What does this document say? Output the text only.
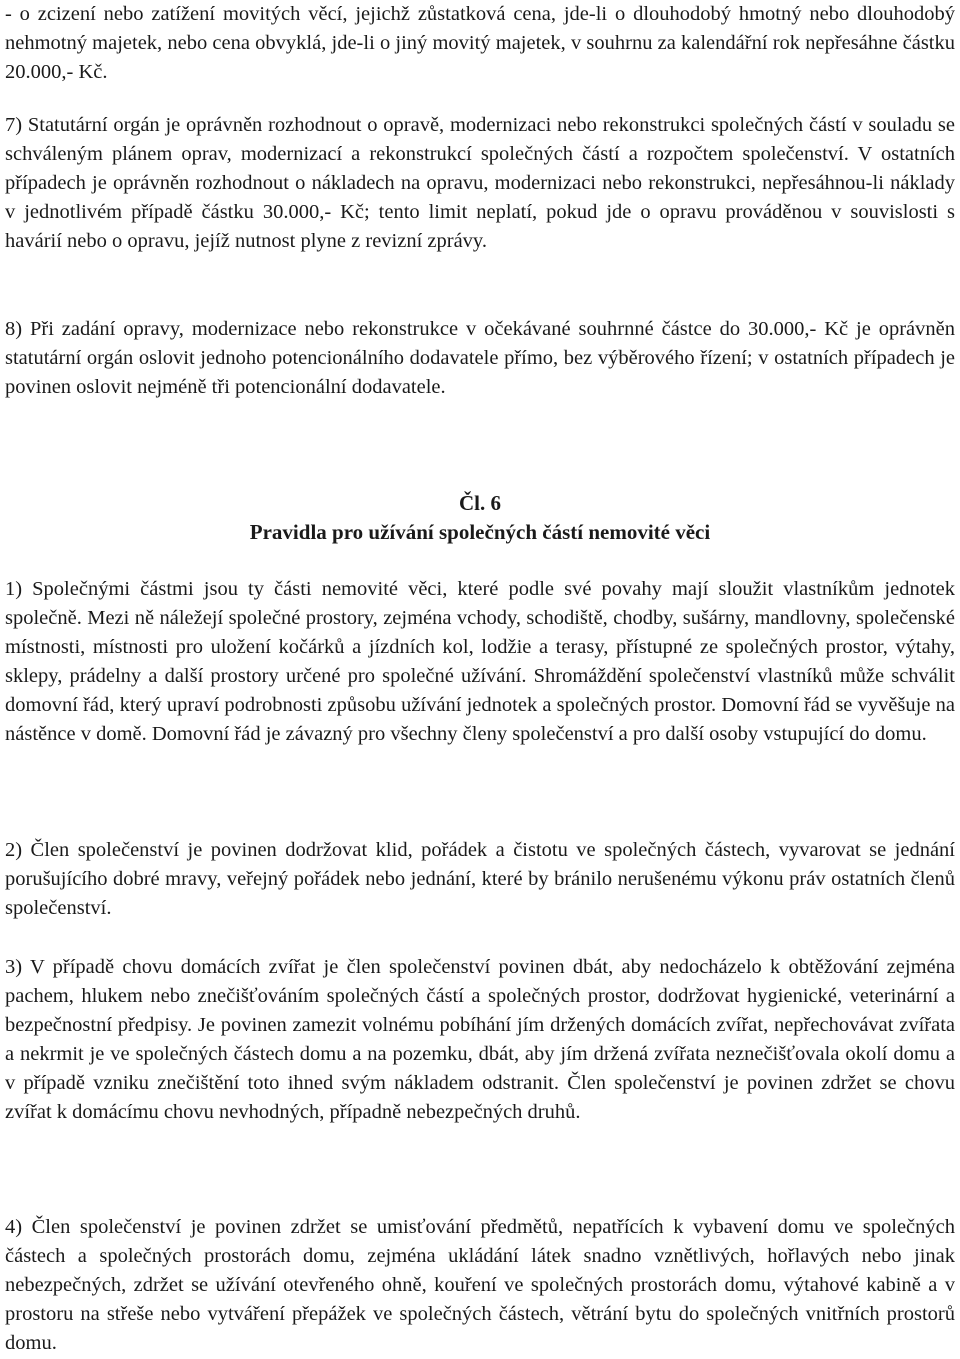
- o zcizení nebo zatížení movitých věcí, jejichž zůstatková cena, jde-li o dlouhodobý hmotný nebo dlouhodobý nehmotný majetek, nebo cena obvyklá, jde-li o jiný movitý majetek, v souhrnu za kalendářní rok nepřesáhne částku 20.000,- Kč.

7) Statutární orgán je oprávněn rozhodnout o opravě, modernizaci nebo rekonstrukci společných částí v souladu se schváleným plánem oprav, modernizací a rekonstrukcí společných částí a rozpočtem společenství. V ostatních případech je oprávněn rozhodnout o nákladech na opravu, modernizaci nebo rekonstrukci, nepřesáhnou-li náklady v jednotlivém případě částku 30.000,- Kč; tento limit neplatí, pokud jde o opravu prováděnou v souvislosti s havárií nebo o opravu, jejíž nutnost plyne z revizní zprávy.

8) Při zadání opravy, modernizace nebo rekonstrukce v očekávané souhrnné částce do 30.000,- Kč je oprávněn statutární orgán oslovit jednoho potencionálního dodavatele přímo, bez výběrového řízení; v ostatních případech je povinen oslovit nejméně tři potencionální dodavatele.

Čl. 6
Pravidla pro užívání společných částí nemovité věci

1) Společnými částmi jsou ty části nemovité věci, které podle své povahy mají sloužit vlastníkům jednotek společně. Mezi ně náležejí společné prostory, zejména vchody, schodiště, chodby, sušárny, mandlovny, společenské místnosti, místnosti pro uložení kočárků a jízdních kol, lodžie a terasy, přístupné ze společných prostor, výtahy, sklepy, prádelny a další prostory určené pro společné užívání. Shromáždění společenství vlastníků může schválit domovní řád, který upraví podrobnosti způsobu užívání jednotek a společných prostor. Domovní řád se vyvěšuje na nástěnce v domě. Domovní řád je závazný pro všechny členy společenství a pro další osoby vstupující do domu.

2) Člen společenství je povinen dodržovat klid, pořádek a čistotu ve společných částech, vyvarovat se jednání porušujícího dobré mravy, veřejný pořádek nebo jednání, které by bránilo nerušenému výkonu práv ostatních členů společenství.

3) V případě chovu domácích zvířat je člen společenství povinen dbát, aby nedocházelo k obtěžování zejména pachem, hlukem nebo znečišťováním společných částí a společných prostor, dodržovat hygienické, veterinární a bezpečnostní předpisy. Je povinen zamezit volnému pobíhání jím držených domácích zvířat, nepřechovávat zvířata a nekrmit je ve společných částech domu a na pozemku, dbát, aby jím držená zvířata neznečišťovala okolí domu a v případě vzniku znečištění toto ihned svým nákladem odstranit. Člen společenství je povinen zdržet se chovu zvířat k domácímu chovu nevhodných, případně nebezpečných druhů.

4) Člen společenství je povinen zdržet se umisťování předmětů, nepatřících k vybavení domu ve společných částech a společných prostorách domu, zejména ukládání látek snadno vznětlivých, hořlavých nebo jinak nebezpečných, zdržet se užívání otevřeného ohně, kouření ve společných prostorách domu, výtahové kabině a v prostoru na střeše nebo vytváření přepážek ve společných částech, větrání bytu do společných vnitřních prostorů domu.
